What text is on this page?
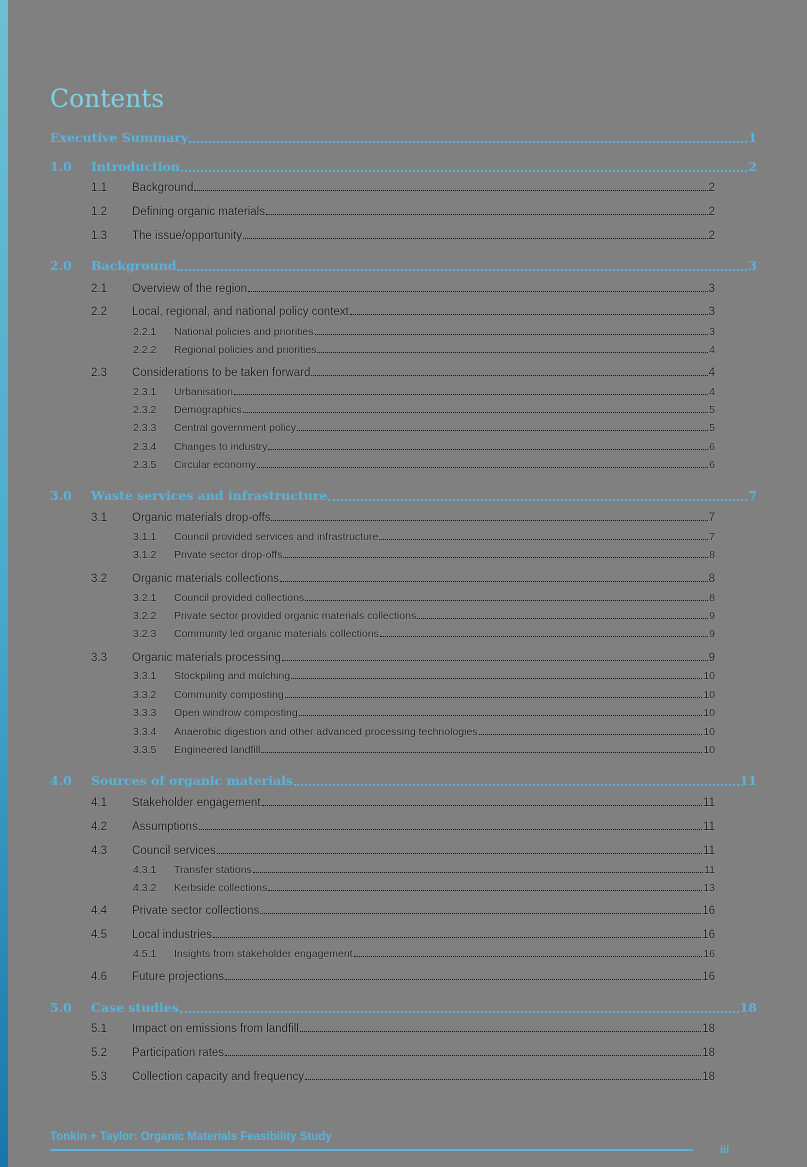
Contents
Executive Summary	1
1.0	Introduction	2
1.1	Background	2
1.2	Defining organic materials	2
1.3	The issue/opportunity	2
2.0	Background	3
2.1	Overview of the region	3
2.2	Local, regional, and national policy context	3
2.2.1	National policies and priorities	3
2.2.2	Regional policies and priorities	4
2.3	Considerations to be taken forward	4
2.3.1	Urbanisation	4
2.3.2	Demographics	5
2.3.3	Central government policy	5
2.3.4	Changes to industry	6
2.3.5	Circular economy	6
3.0	Waste services and infrastructure	7
3.1	Organic materials drop-offs	7
3.1.1	Council provided services and infrastructure	7
3.1.2	Private sector drop-offs	8
3.2	Organic materials collections	8
3.2.1	Council provided collections	8
3.2.2	Private sector provided organic materials collections	9
3.2.3	Community led organic materials collections	9
3.3	Organic materials processing	9
3.3.1	Stockpiling and mulching	10
3.3.2	Community composting	10
3.3.3	Open windrow composting	10
3.3.4	Anaerobic digestion and other advanced processing technologies	10
3.3.5	Engineered landfill	10
4.0	Sources of organic materials	11
4.1	Stakeholder engagement	11
4.2	Assumptions	11
4.3	Council services	11
4.3.1	Transfer stations	11
4.3.2	Kerbside collections	13
4.4	Private sector collections	16
4.5	Local industries	16
4.5.1	Insights from stakeholder engagement	16
4.6	Future projections	16
5.0	Case studies	18
5.1	Impact on emissions from landfill	18
5.2	Participation rates	18
5.3	Collection capacity and frequency	18
Tonkin + Taylor: Organic Materials Feasibility Study
iii
